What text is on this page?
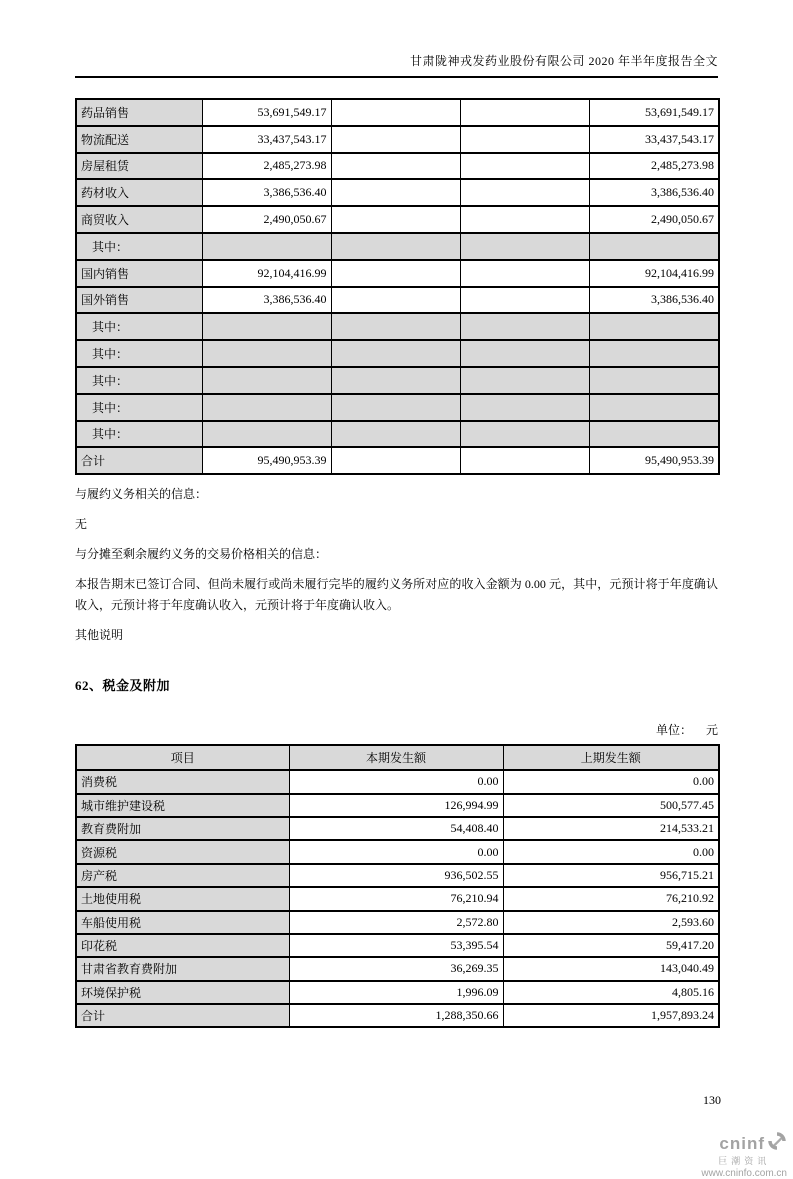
甘肃陇神戎发药业股份有限公司 2020 年半年度报告全文
药品销售	53,691,549.17			53,691,549.17
物流配送	33,437,543.17			33,437,543.17
房屋租赁	2,485,273.98			2,485,273.98
药材收入	3,386,536.40			3,386,536.40
商贸收入	2,490,050.67			2,490,050.67
其中：				
国内销售	92,104,416.99			92,104,416.99
国外销售	3,386,536.40			3,386,536.40
其中：				
其中：				
其中：				
其中：				
其中：				
合计	95,490,953.39			95,490,953.39

与履约义务相关的信息：

无

与分摊至剩余履约义务的交易价格相关的信息：

本报告期末已签订合同、但尚未履行或尚未履行完毕的履约义务所对应的收入金额为 0.00 元，其中，元预计将于年度确认收入，元预计将于年度确认收入，元预计将于年度确认收入。

其他说明

62、税金及附加
单位： 元
项目	本期发生额	上期发生额
消费税	0.00	0.00
城市维护建设税	126,994.99	500,577.45
教育费附加	54,408.40	214,533.21
资源税	0.00	0.00
房产税	936,502.55	956,715.21
土地使用税	76,210.94	76,210.92
车船使用税	2,572.80	2,593.60
印花税	53,395.54	59,417.20
甘肃省教育费附加	36,269.35	143,040.49
环境保护税	1,996.09	4,805.16
合计	1,288,350.66	1,957,893.24
130
cninf
巨潮资讯
www.cninfo.com.cn
